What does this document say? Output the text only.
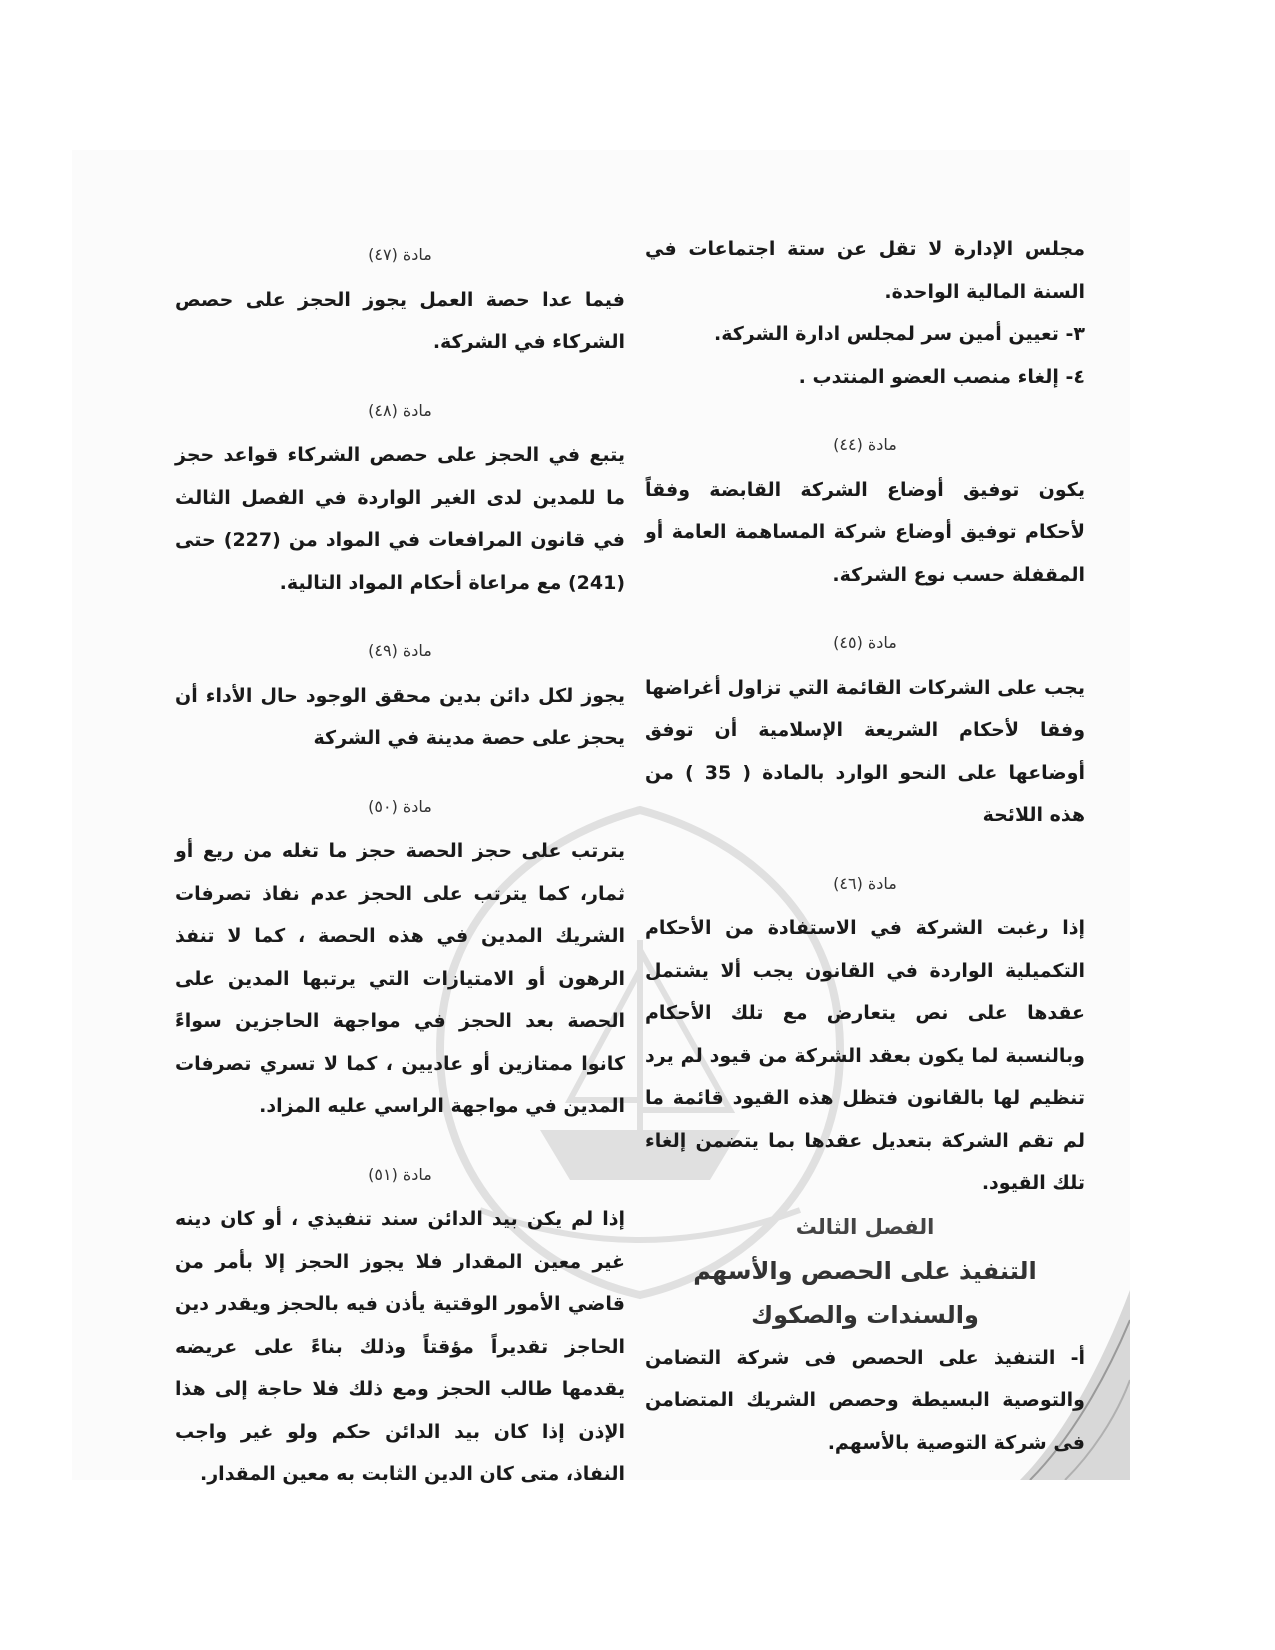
مجلس الإدارة لا تقل عن ستة اجتماعات في السنة المالية الواحدة.

٣- تعيين أمين سر لمجلس ادارة الشركة.

٤- إلغاء منصب العضو المنتدب .

مادة (٤٤)

يكون توفيق أوضاع الشركة القابضة وفقاً لأحكام توفيق أوضاع شركة المساهمة العامة أو المقفلة حسب نوع الشركة.

مادة (٤٥)

يجب على الشركات القائمة التي تزاول أغراضها وفقا لأحكام الشريعة الإسلامية أن توفق أوضاعها على النحو الوارد بالمادة ( 35 ) من هذه اللائحة

مادة (٤٦)

إذا رغبت الشركة في الاستفادة من الأحكام التكميلية الواردة في القانون يجب ألا يشتمل عقدها على نص يتعارض مع تلك الأحكام وبالنسبة لما يكون بعقد الشركة من قيود لم يرد تنظيم لها بالقانون فتظل هذه القيود قائمة ما لم تقم الشركة بتعديل عقدها بما يتضمن إلغاء تلك القيود.

الفصل الثالث

التنفيذ على الحصص والأسهم

والسندات والصكوك

أ- التنفيذ على الحصص فى شركة التضامن والتوصية البسيطة وحصص الشريك المتضامن فى شركة التوصية بالأسهم.

مادة (٤٧)

فيما عدا حصة العمل يجوز الحجز على حصص الشركاء في الشركة.

مادة (٤٨)

يتبع في الحجز على حصص الشركاء قواعد حجز ما للمدين لدى الغير الواردة في الفصل الثالث في قانون المرافعات في المواد من (227) حتى (241) مع مراعاة أحكام المواد التالية.

مادة (٤٩)

يجوز لكل دائن بدين محقق الوجود حال الأداء أن يحجز على حصة مدينة في الشركة

مادة (٥٠)

يترتب على حجز الحصة حجز ما تغله من ريع أو ثمار، كما يترتب على الحجز عدم نفاذ تصرفات الشريك المدين في هذه الحصة ، كما لا تنفذ الرهون أو الامتيازات التي يرتبها المدين على الحصة بعد الحجز في مواجهة الحاجزين سواءً كانوا ممتازين أو عاديين ، كما لا تسري تصرفات المدين في مواجهة الراسي عليه المزاد.

مادة (٥١)

إذا لم يكن بيد الدائن سند تنفيذي ، أو كان دينه غير معين المقدار فلا يجوز الحجز إلا بأمر من قاضي الأمور الوقتية يأذن فيه بالحجز ويقدر دين الحاجز تقديراً مؤقتاً وذلك بناءً على عريضه يقدمها طالب الحجز ومع ذلك فلا حاجة إلى هذا الإذن إذا كان بيد الدائن حكم ولو غير واجب النفاذ، متى كان الدين الثابت به معين المقدار.
